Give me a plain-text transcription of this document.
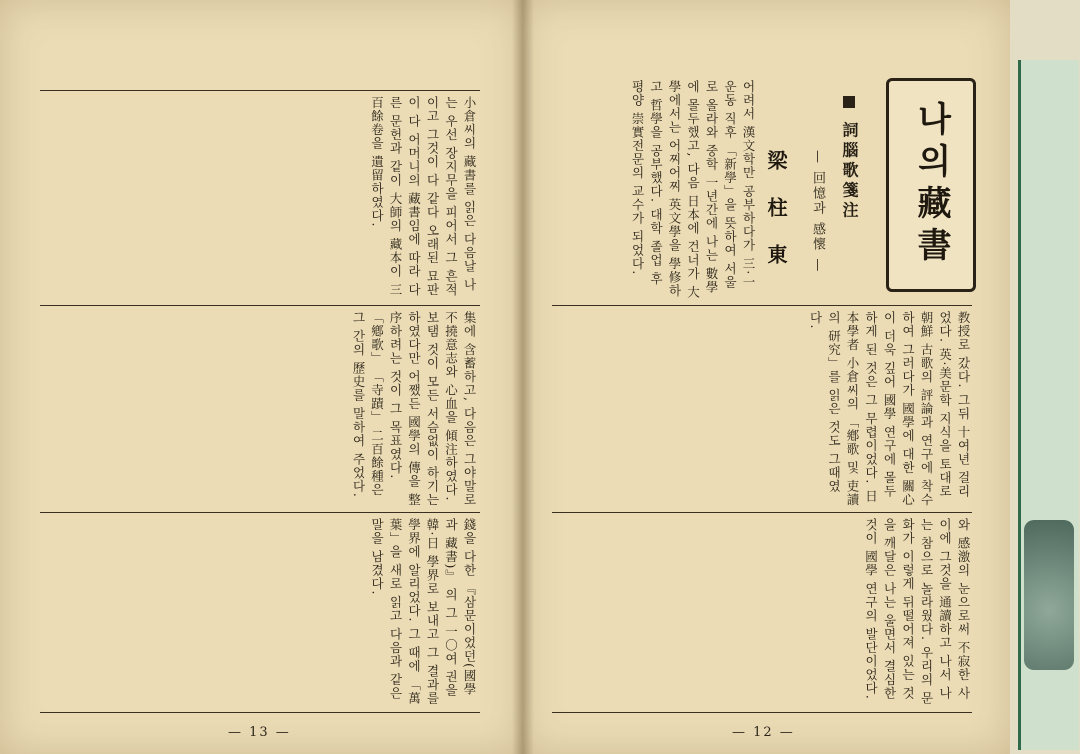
小倉씨의 藏書를 읽은 다음날 나는 우선 장지무을 피어서 그 흔적이고 그것이 다 같다 오래된 묘판이 다 어머니의 藏書임에 따라 다른 문헌과 같이 大師의 藏本이 三百餘卷을 遺留하였다.
集에 含蓄하고, 다음은 그야말로 不撓意志와 心血을 傾注하였다. 보탬 것이 모든 서슴없이 하기는 하였다만 어쨌든 國學의 傳을 整序하려는 것이 그 목표였다. 「鄕歌」 「寺蹟」 二百餘種은 그 간의 歷史를 말하여 주었다.
錢을 다한 『삼문이었던(國學과 藏書)』 의 그 一〇여 권을 韓·日 學界로 보내고 그 결과를 學界에 알리었다. 그 때에 「萬葉」을 새로 읽고 다음과 같은 말을 남겼다.
— 13 —
어려서 漢文학만 공부하다가 三·一운동 직후 「新學」을 뜻하여 서울로 올라와 중학 一년간에 나는 數學에 몰두했고, 다음 日本에 건너가 大學에서는 어찌어찌 英文學을 學修하고 哲學을 공부했다. 대학 졸업 후 평양 崇實전문의 교수가 되었다.
教授로 갔다. 그뒤 十여년 걸리었다. 英·美문학 지식을 토대로 朝鮮 古歌의 評論과 연구에 착수하여 그러다가 國學에 대한 關心이 더욱 깊어 國學 연구에 몰두하게 된 것은 그 무렵이었다. 日本學者 小倉씨의 「鄕歌 및 吏讀의 研究」를 읽은 것도 그때였다.
와 感激의 눈으로써 不寂한 사이에 그것을 通讀하고 나서 나는 참으로 놀라웠다. 우리의 문화가 이렇게 뒤떨어져 있는 것을 깨달은 나는 울면서 결심한 것이 國學 연구의 발단이었다.
— 12 —
詞腦歌箋注
— 回憶과 感懷 —
梁 柱 東	나의藏書
